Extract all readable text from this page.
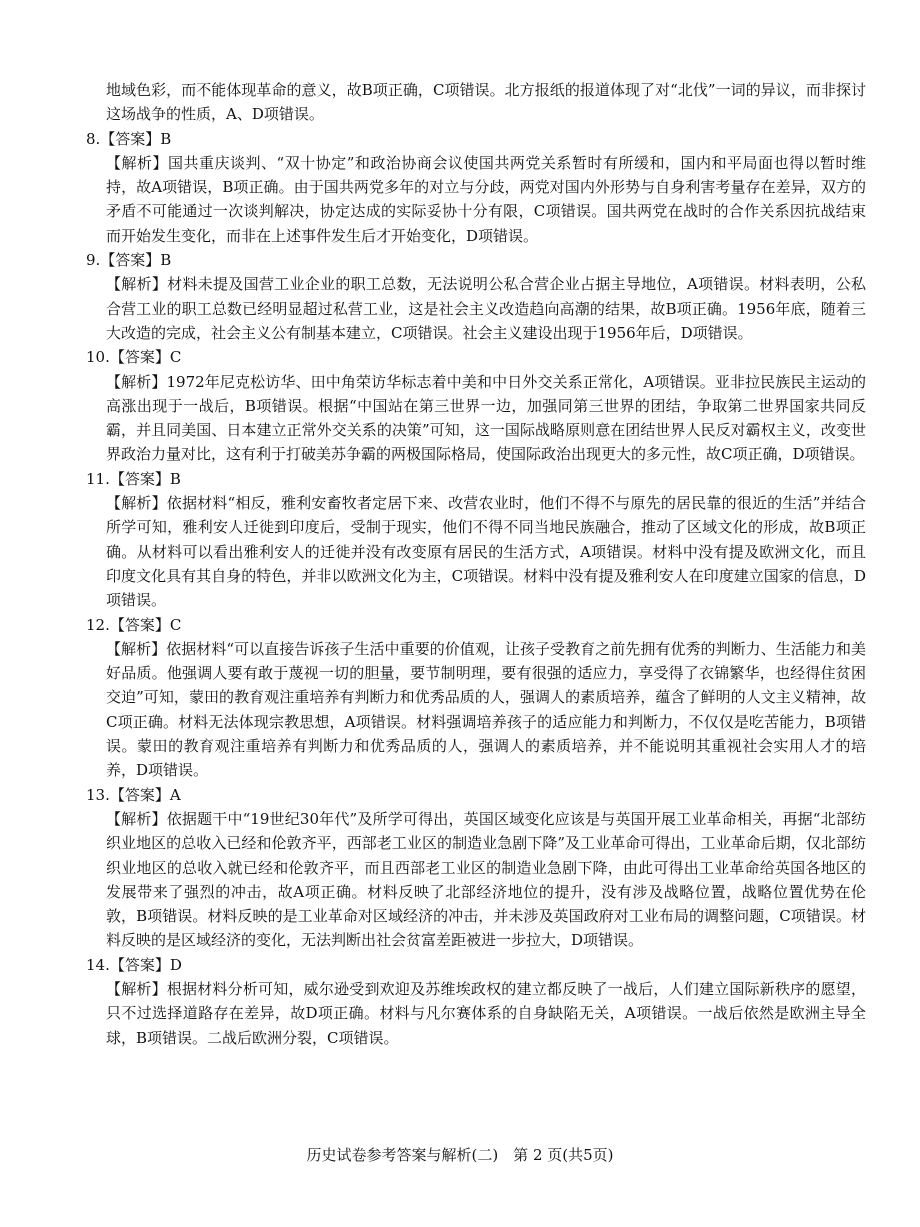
地域色彩，而不能体现革命的意义，故B项正确，C项错误。北方报纸的报道体现了对“北伐”一词的异议，而非探讨这场战争的性质，A、D项错误。

8.【答案】B

【解析】国共重庆谈判、“双十协定”和政治协商会议使国共两党关系暂时有所缓和，国内和平局面也得以暂时维持，故A项错误，B项正确。由于国共两党多年的对立与分歧，两党对国内外形势与自身利害考量存在差异，双方的矛盾不可能通过一次谈判解决，协定达成的实际妥协十分有限，C项错误。国共两党在战时的合作关系因抗战结束而开始发生变化，而非在上述事件发生后才开始变化，D项错误。

9.【答案】B

【解析】材料未提及国营工业企业的职工总数，无法说明公私合营企业占据主导地位，A项错误。材料表明，公私合营工业的职工总数已经明显超过私营工业，这是社会主义改造趋向高潮的结果，故B项正确。1956年底，随着三大改造的完成，社会主义公有制基本建立，C项错误。社会主义建设出现于1956年后，D项错误。

10.【答案】C

【解析】1972年尼克松访华、田中角荣访华标志着中美和中日外交关系正常化，A项错误。亚非拉民族民主运动的高涨出现于一战后，B项错误。根据“中国站在第三世界一边，加强同第三世界的团结，争取第二世界国家共同反霸，并且同美国、日本建立正常外交关系的决策”可知，这一国际战略原则意在团结世界人民反对霸权主义，改变世界政治力量对比，这有利于打破美苏争霸的两极国际格局，使国际政治出现更大的多元性，故C项正确，D项错误。

11.【答案】B

【解析】依据材料“相反，雅利安畜牧者定居下来、改营农业时，他们不得不与原先的居民靠的很近的生活”并结合所学可知，雅利安人迁徙到印度后，受制于现实，他们不得不同当地民族融合，推动了区域文化的形成，故B项正确。从材料可以看出雅利安人的迁徙并没有改变原有居民的生活方式，A项错误。材料中没有提及欧洲文化，而且印度文化具有其自身的特色，并非以欧洲文化为主，C项错误。材料中没有提及雅利安人在印度建立国家的信息，D项错误。

12.【答案】C

【解析】依据材料“可以直接告诉孩子生活中重要的价值观，让孩子受教育之前先拥有优秀的判断力、生活能力和美好品质。他强调人要有敢于蔑视一切的胆量，要节制明理，要有很强的适应力，享受得了衣锦繁华，也经得住贫困交迫”可知，蒙田的教育观注重培养有判断力和优秀品质的人，强调人的素质培养，蕴含了鲜明的人文主义精神，故C项正确。材料无法体现宗教思想，A项错误。材料强调培养孩子的适应能力和判断力，不仅仅是吃苦能力，B项错误。蒙田的教育观注重培养有判断力和优秀品质的人，强调人的素质培养，并不能说明其重视社会实用人才的培养，D项错误。

13.【答案】A

【解析】依据题干中“19世纪30年代”及所学可得出，英国区域变化应该是与英国开展工业革命相关，再据“北部纺织业地区的总收入已经和伦敦齐平，西部老工业区的制造业急剧下降”及工业革命可得出，工业革命后期，仅北部纺织业地区的总收入就已经和伦敦齐平，而且西部老工业区的制造业急剧下降，由此可得出工业革命给英国各地区的发展带来了强烈的冲击，故A项正确。材料反映了北部经济地位的提升，没有涉及战略位置，战略位置优势在伦敦，B项错误。材料反映的是工业革命对区域经济的冲击，并未涉及英国政府对工业布局的调整问题，C项错误。材料反映的是区域经济的变化，无法判断出社会贫富差距被进一步拉大，D项错误。

14.【答案】D

【解析】根据材料分析可知，威尔逊受到欢迎及苏维埃政权的建立都反映了一战后，人们建立国际新秩序的愿望，只不过选择道路存在差异，故D项正确。材料与凡尔赛体系的自身缺陷无关，A项错误。一战后依然是欧洲主导全球，B项错误。二战后欧洲分裂，C项错误。

历史试卷参考答案与解析(二)　第 2 页(共5页)
